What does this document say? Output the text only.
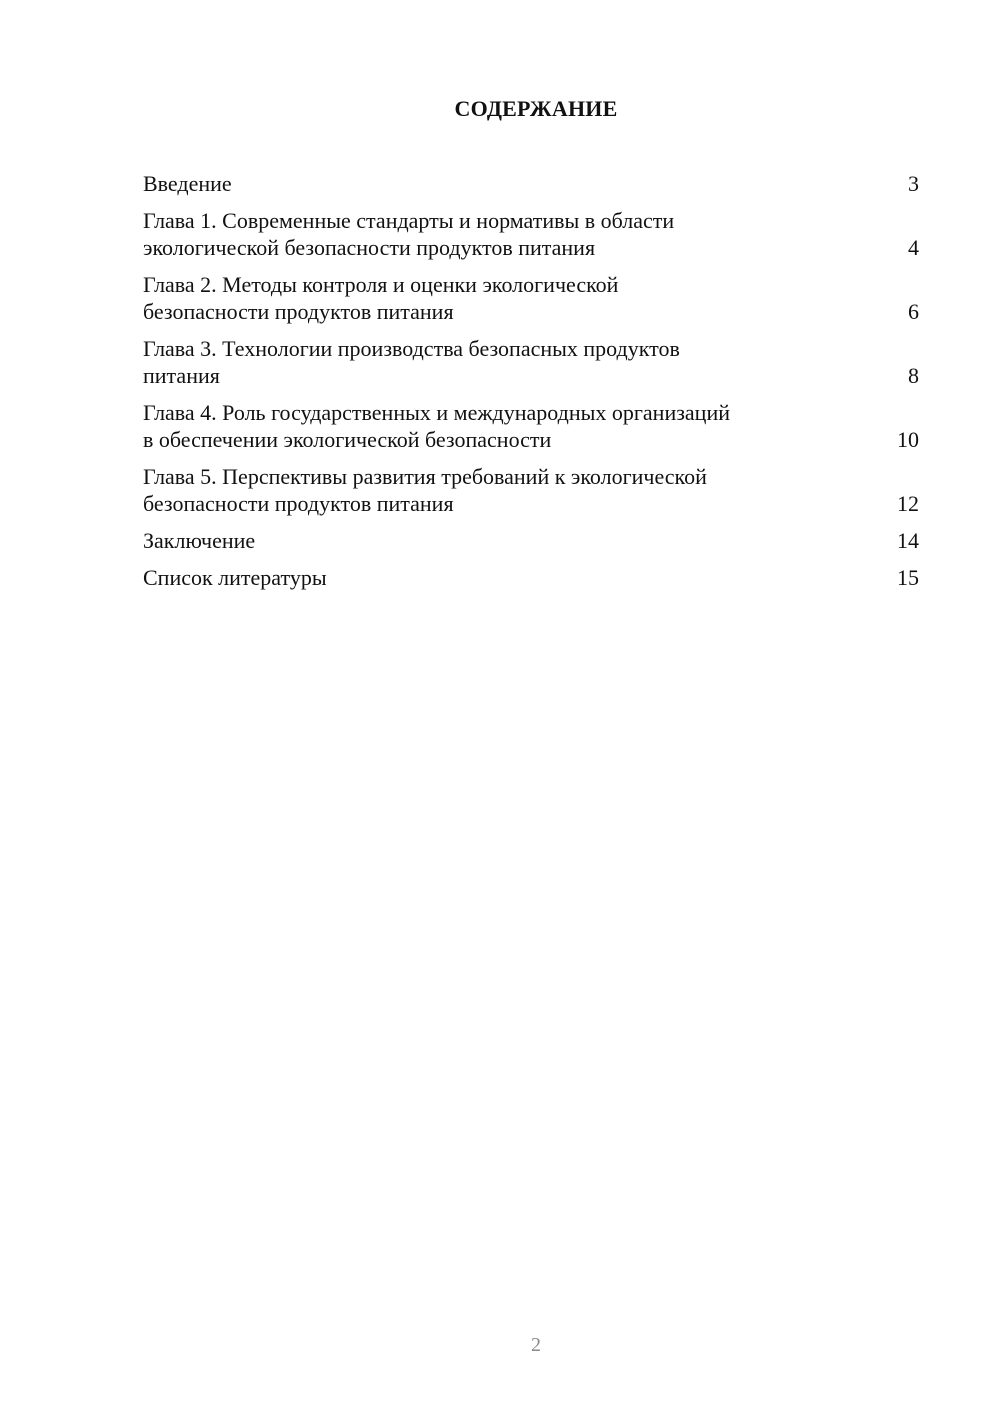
СОДЕРЖАНИЕ
Введение	3
Глава 1. Современные стандарты и нормативы в области
экологической безопасности продуктов питания	4
Глава 2. Методы контроля и оценки экологической
безопасности продуктов питания	6
Глава 3. Технологии производства безопасных продуктов
питания	8
Глава 4. Роль государственных и международных организаций
в обеспечении экологической безопасности	10
Глава 5. Перспективы развития требований к экологической
безопасности продуктов питания	12
Заключение	14
Список литературы	15

2
